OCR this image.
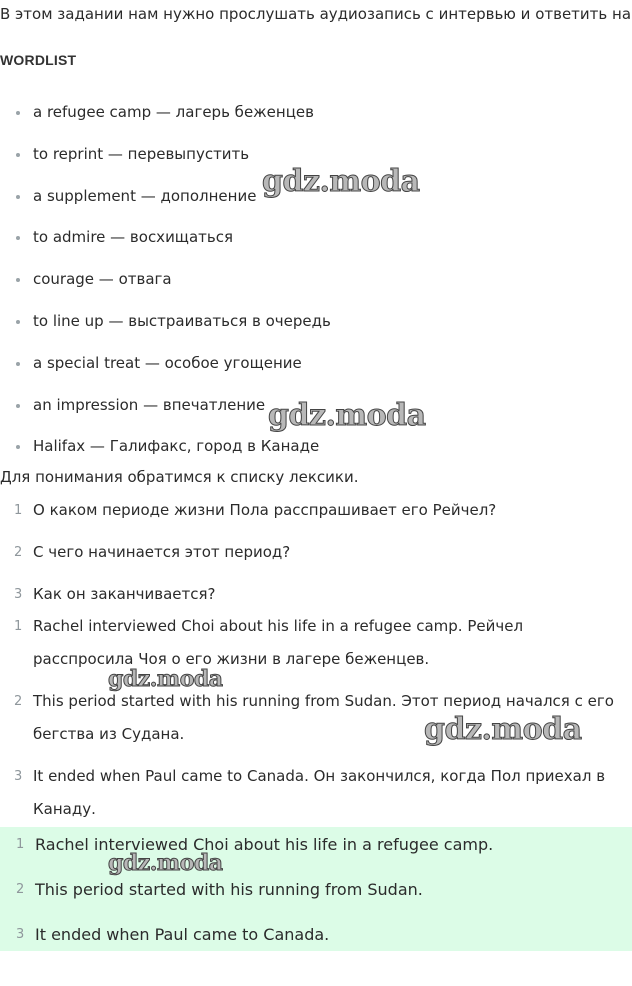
В этом задании нам нужно прослушать аудиозапись с интервью и ответить на
WORDLIST
a refugee camp — лагерь беженцев
to reprint — перевыпустить
a supplement — дополнение
to admire — восхищаться
courage — отвага
to line up — выстраиваться в очередь
a special treat — особое угощение
an impression — впечатление
Halifax — Галифакс, город в Канаде
Для понимания обратимся к списку лексики.
1 О каком периоде жизни Пола расспрашивает его Рейчел?
2 С чего начинается этот период?
3 Как он заканчивается?
1 Rachel interviewed Choi about his life in a refugee camp. Рейчел расспросила Чоя о его жизни в лагере беженцев.
2 This period started with his running from Sudan. Этот период начался с его бегства из Судана.
3 It ended when Paul came to Canada. Он закончился, когда Пол приехал в Канаду.
1 Rachel interviewed Choi about his life in a refugee camp.
2 This period started with his running from Sudan.
3 It ended when Paul came to Canada.
gdz.moda
gdz.moda
gdz.moda
gdz.moda
gdz.moda
